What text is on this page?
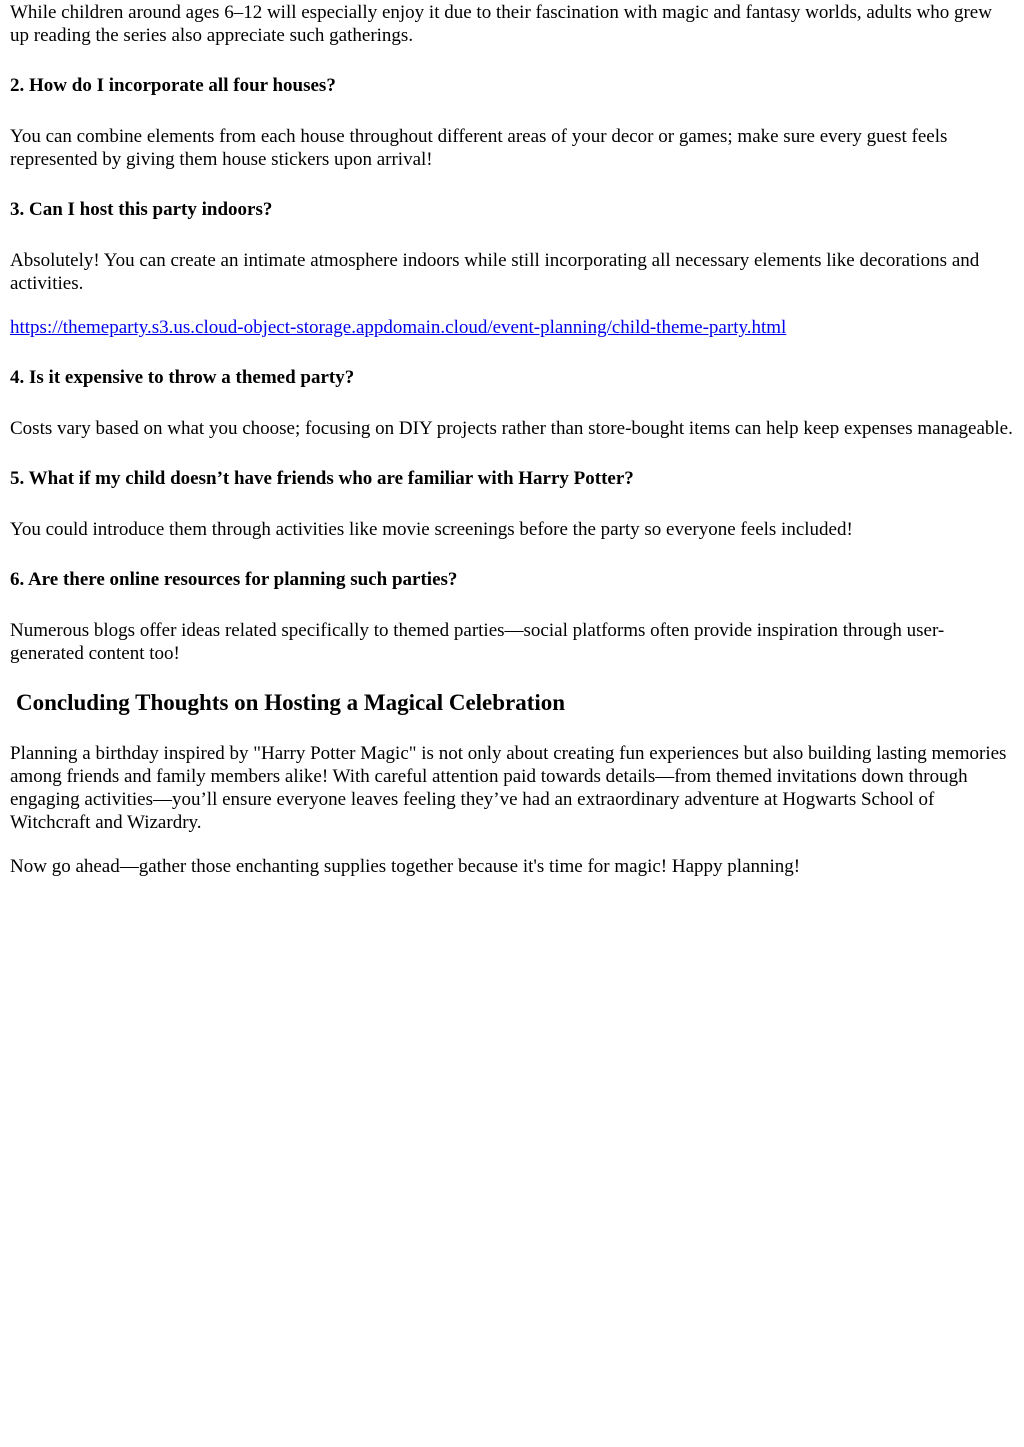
While children around ages 6–12 will especially enjoy it due to their fascination with magic and fantasy worlds, adults who grew up reading the series also appreciate such gatherings.

2. How do I incorporate all four houses?

You can combine elements from each house throughout different areas of your decor or games; make sure every guest feels represented by giving them house stickers upon arrival!

3. Can I host this party indoors?

Absolutely! You can create an intimate atmosphere indoors while still incorporating all necessary elements like decorations and activities.

https://themeparty.s3.us.cloud-object-storage.appdomain.cloud/event-planning/child-theme-party.html

4. Is it expensive to throw a themed party?

Costs vary based on what you choose; focusing on DIY projects rather than store-bought items can help keep expenses manageable.

5. What if my child doesn’t have friends who are familiar with Harry Potter?

You could introduce them through activities like movie screenings before the party so everyone feels included!

6. Are there online resources for planning such parties?

Numerous blogs offer ideas related specifically to themed parties—social platforms often provide inspiration through user-generated content too!

Concluding Thoughts on Hosting a Magical Celebration

Planning a birthday inspired by "Harry Potter Magic" is not only about creating fun experiences but also building lasting memories among friends and family members alike! With careful attention paid towards details—from themed invitations down through engaging activities—you’ll ensure everyone leaves feeling they’ve had an extraordinary adventure at Hogwarts School of Witchcraft and Wizardry.

Now go ahead—gather those enchanting supplies together because it's time for magic! Happy planning!
